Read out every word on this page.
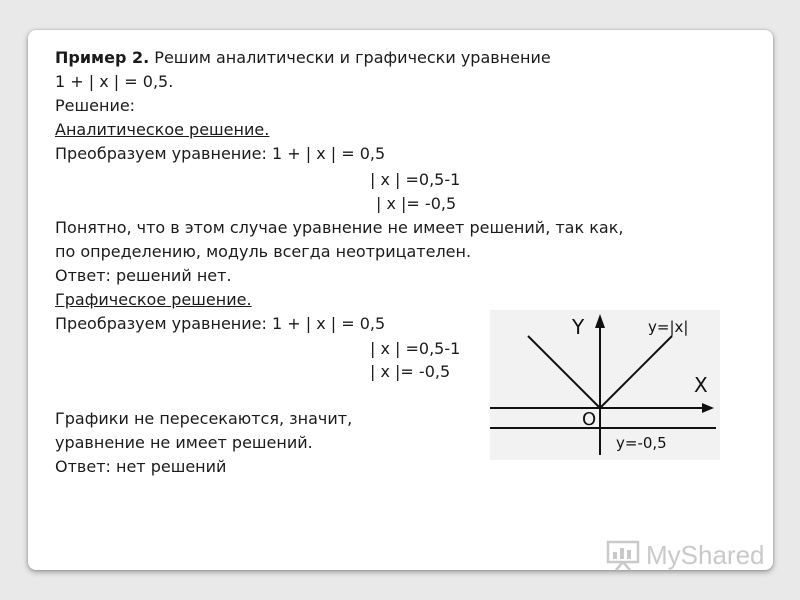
Пример 2. Решим аналитически и графически уравнение

1 + | x | = 0,5.

Решение:

Аналитическое решение.

Преобразуем уравнение: 1 + | x | = 0,5

| x | =0,5-1

| x |= -0,5

Понятно, что в этом случае уравнение не имеет решений, так как,

по определению, модуль всегда неотрицателен.

Ответ: решений нет.

Графическое решение.

Преобразуем уравнение: 1 + | x | = 0,5

| x | =0,5-1

| x |= -0,5

Графики не пересекаются, значит,

уравнение не имеет решений.

Ответ: нет решений

Y
X
O
y=|x|
y=-0,5
MyShared
